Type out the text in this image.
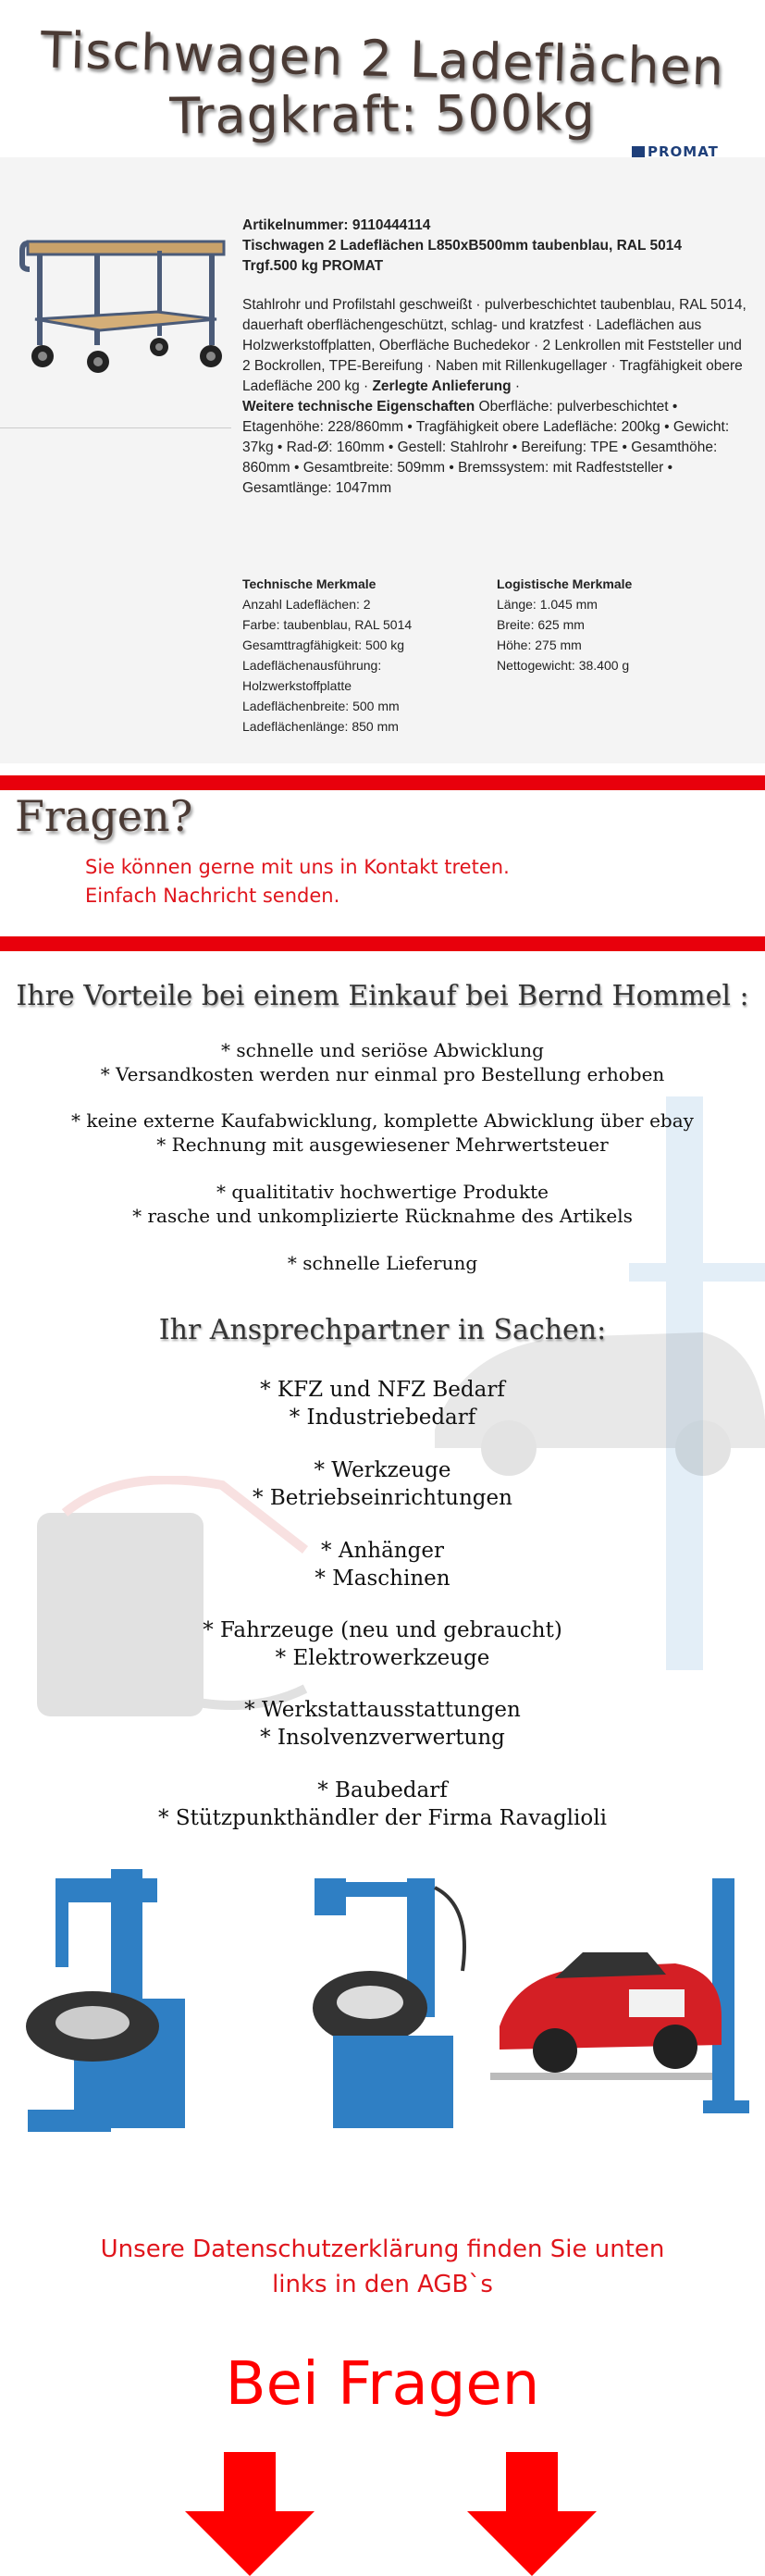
Tischwagen 2 Ladeflächen
Tragkraft: 500kg
PROMAT

Artikelnummer: 9110444114

Tischwagen 2 Ladeflächen L850xB500mm taubenblau, RAL 5014

Trgf.500 kg PROMAT

Stahlrohr und Profilstahl geschweißt · pulverbeschichtet taubenblau, RAL 5014, dauerhaft oberflächengeschützt, schlag- und kratzfest · Ladeflächen aus Holzwerkstoffplatten, Oberfläche Buchedekor · 2 Lenkrollen mit Feststeller und 2 Bockrollen, TPE-Bereifung · Naben mit Rillenkugellager · Tragfähigkeit obere Ladefläche 200 kg · Zerlegte Anlieferung ·

Weitere technische Eigenschaften Oberfläche: pulverbeschichtet • Etagenhöhe: 228/860mm • Tragfähigkeit obere Ladefläche: 200kg • Gewicht: 37kg • Rad-Ø: 160mm • Gestell: Stahlrohr • Bereifung: TPE • Gesamthöhe: 860mm • Gesamtbreite: 509mm • Bremssystem: mit Radfeststeller • Gesamtlänge: 1047mm

Technische Merkmale
Anzahl Ladeflächen: 2
Farbe: taubenblau, RAL 5014
Gesamttragfähigkeit: 500 kg
Ladeflächenausführung:
Holzwerkstoffplatte
Ladeflächenbreite: 500 mm
Ladeflächenlänge: 850 mm
Logistische Merkmale
Länge: 1.045 mm
Breite: 625 mm
Höhe: 275 mm
Nettogewicht: 38.400 g
Fragen?
Sie können gerne mit uns in Kontakt treten.
Einfach Nachricht senden.
Ihre Vorteile bei einem Einkauf bei Bernd Hommel :
* schnelle und seriöse Abwicklung
* Versandkosten werden nur einmal pro Bestellung erhoben
* keine externe Kaufabwicklung, komplette Abwicklung über ebay
* Rechnung mit ausgewiesener Mehrwertsteuer
* qualititativ hochwertige Produkte
* rasche und unkomplizierte Rücknahme des Artikels
* schnelle Lieferung
Ihr Ansprechpartner in Sachen:
* KFZ und NFZ Bedarf
* Industriebedarf
* Werkzeuge
* Betriebseinrichtungen
* Anhänger
* Maschinen
* Fahrzeuge (neu und gebraucht)
* Elektrowerkzeuge
* Werkstattausstattungen
* Insolvenzverwertung
* Baubedarf
* Stützpunkthändler der Firma Ravaglioli
Unsere Datenschutzerklärung finden Sie unten
links in den AGB`s
Bei Fragen
